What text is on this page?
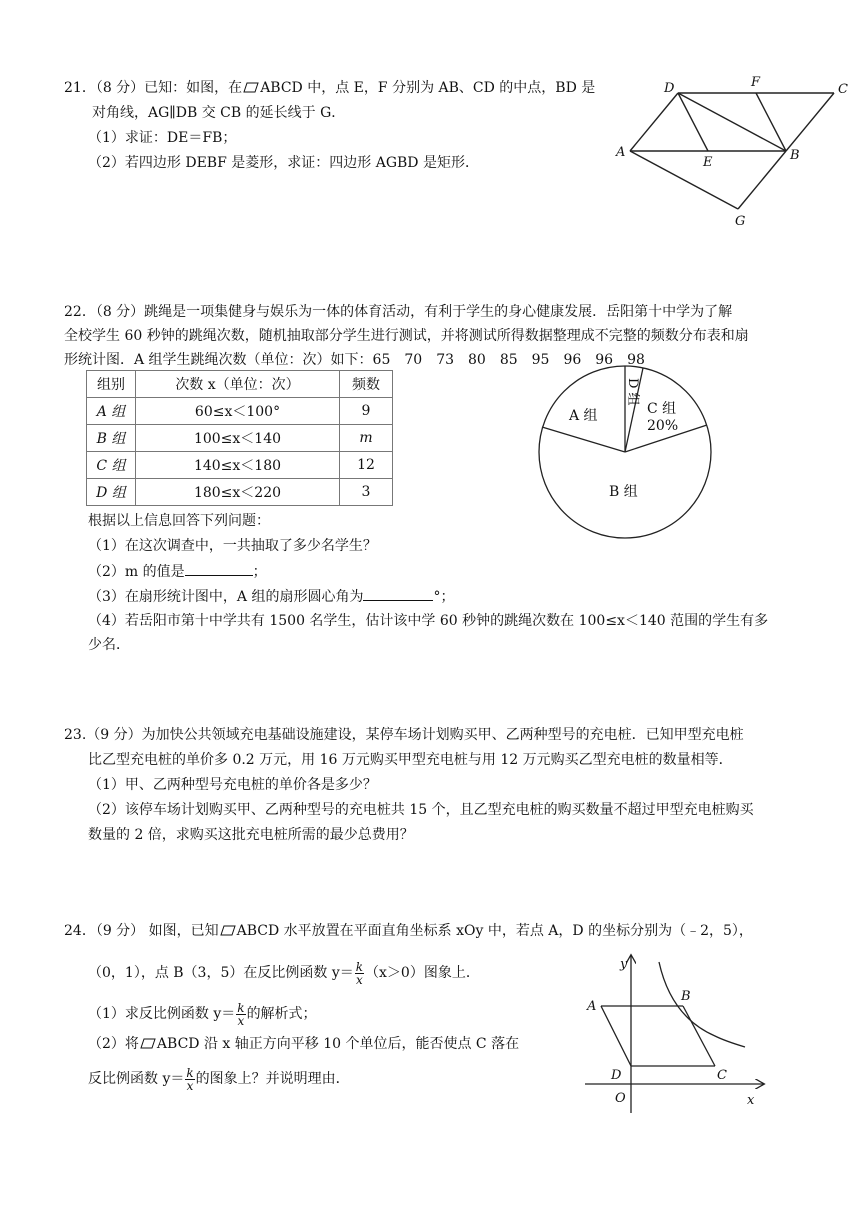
21．（8 分）已知：如图，在 ABCD 中，点 E，F 分别为 AB、CD 的中点，BD 是
对角线，AG∥DB 交 CB 的延长线于 G．
（1）求证：DE＝FB；
（2）若四边形 DEBF 是菱形，求证：四边形 AGBD 是矩形．
D	F	C
A
E	B
G
22．（8 分）跳绳是一项集健身与娱乐为一体的体育活动，有利于学生的身心健康发展．岳阳第十中学为了解
全校学生 60 秒钟的跳绳次数，随机抽取部分学生进行测试，并将测试所得数据整理成不完整的频数分布表和扇
形统计图．A 组学生跳绳次数（单位：次）如下：65　70　73　80　85　95　96　96　98
组别	次数 x（单位：次）	频数
A 组	60≤x＜100°	9
B 组	100≤x＜140	m
C 组	140≤x＜180	12
D 组	180≤x＜220	3
A 组	C 组
20%
B 组
D 组
根据以上信息回答下列问题：
（1）在这次调查中，一共抽取了多少名学生？
（2）m 的值是	；
（3）在扇形统计图中，A 组的扇形圆心角为	°；
（4）若岳阳市第十中学共有 1500 名学生，估计该中学 60 秒钟的跳绳次数在 100≤x＜140 范围的学生有多
少名．
23.（9 分）为加快公共领域充电基础设施建设，某停车场计划购买甲、乙两种型号的充电桩．已知甲型充电桩
比乙型充电桩的单价多 0.2 万元，用 16 万元购买甲型充电桩与用 12 万元购买乙型充电桩的数量相等．
（1）甲、乙两种型号充电桩的单价各是多少？
（2）该停车场计划购买甲、乙两种型号的充电桩共 15 个，且乙型充电桩的购买数量不超过甲型充电桩购买
数量的 2 倍，求购买这批充电桩所需的最少总费用？
24．（9 分） 如图，已知 ABCD 水平放置在平面直角坐标系 xOy 中，若点 A，D 的坐标分别为（﹣2，5），
（0，1），点 B（3，5）在反比例函数 $y= \frac{k}{x} (x>0)$图象上．
（1）求反比例函数 $y= \frac{k}{x}$ 的解析式；
（2）将 ABCD 沿 x 轴正方向平移 10 个单位后，能否使点 C 落在
反比例函数 $y= \frac{k}{x}$ 的图象上？并说明理由．
y
x
A
B
C
D
O
